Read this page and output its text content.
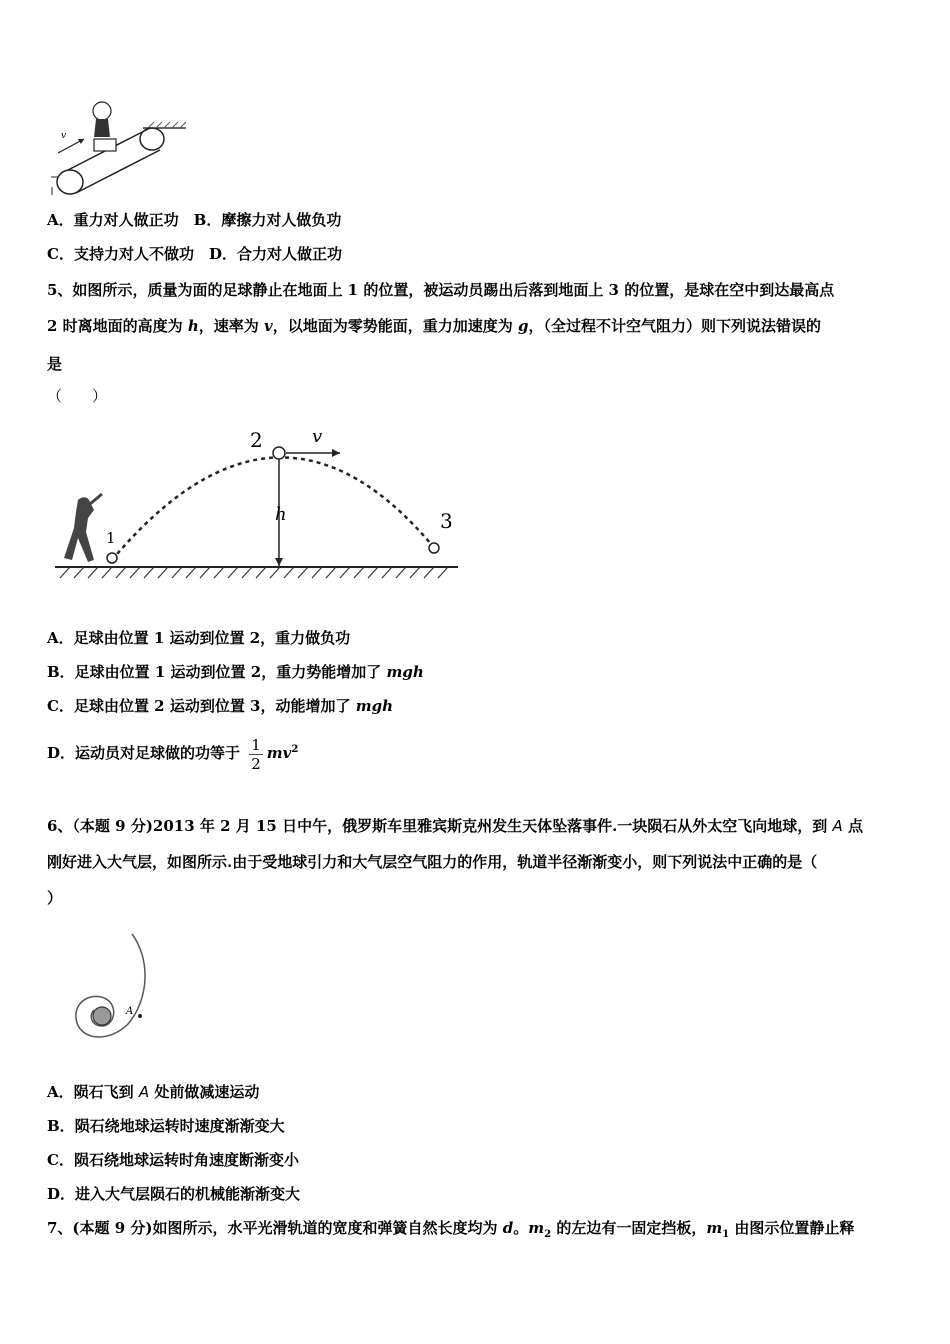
v
A．重力对人做正功　B．摩擦力对人做负功
C．支持力对人不做功　D．合力对人做正功
5、如图所示，质量为面的足球静止在地面上 1 的位置，被运动员踢出后落到地面上 3 的位置，是球在空中到达最高点
2 时离地面的高度为 h，速率为 v，以地面为零势能面，重力加速度为 g，（全过程不计空气阻力）则下列说法错误的
是
（　　）
1
2
3
h
v
A．足球由位置 1 运动到位置 2，重力做负功
B．足球由位置 1 运动到位置 2，重力势能增加了 mgh
C．足球由位置 2 运动到位置 3，动能增加了 mgh
D．运动员对足球做的功等于 $\frac{1}{2} mv^2$
6、（本题 9 分)2013 年 2 月 15 日中午，俄罗斯车里雅宾斯克州发生天体坠落事件.一块陨石从外太空飞向地球，到 A 点
刚好进入大气层，如图所示.由于受地球引力和大气层空气阻力的作用，轨道半径渐渐变小，则下列说法中正确的是（
）
A
A．陨石飞到 A 处前做减速运动
B．陨石绕地球运转时速度渐渐变大
C．陨石绕地球运转时角速度断渐变小
D．进入大气层陨石的机械能渐渐变大
7、(本题 9 分)如图所示，水平光滑轨道的宽度和弹簧自然长度均为 d。$m_2$ 的左边有一固定挡板，$m_1$ 由图示位置静止释
